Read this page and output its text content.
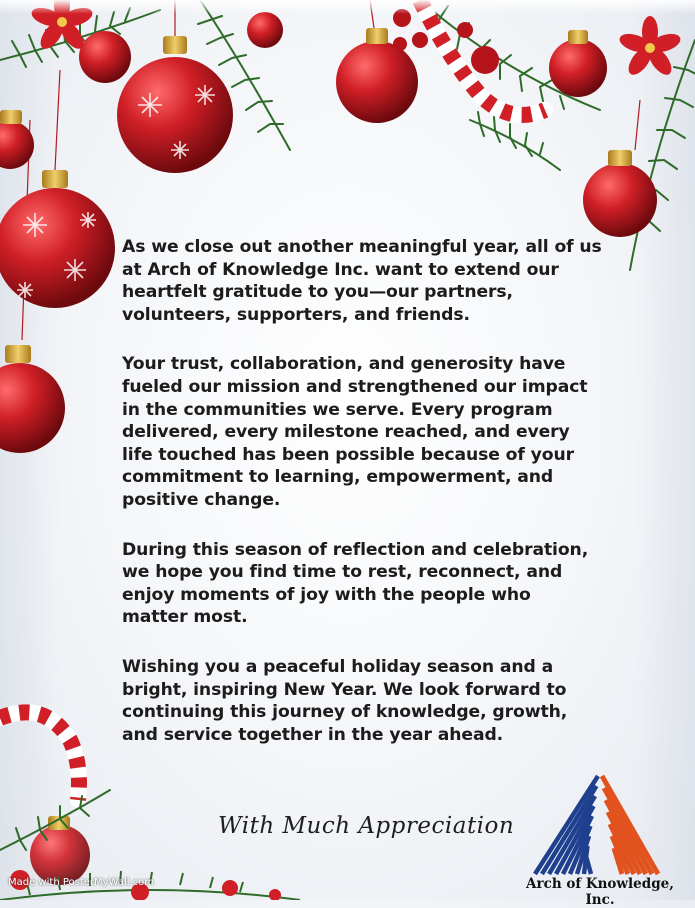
As we close out another meaningful year, all of us at Arch of Knowledge Inc. want to extend our heartfelt gratitude to you—our partners, volunteers, supporters, and friends.

Your trust, collaboration, and generosity have fueled our mission and strengthened our impact in the communities we serve. Every program delivered, every milestone reached, and every life touched has been possible because of your commitment to learning, empowerment, and positive change.

During this season of reflection and celebration, we hope you find time to rest, reconnect, and enjoy moments of joy with the people who matter most.

Wishing you a peaceful holiday season and a bright, inspiring New Year. We look forward to continuing this journey of knowledge, growth, and service together in the year ahead.

With Much Appreciation
Arch of Knowledge, Inc.
Made with PosterMyWall.com
